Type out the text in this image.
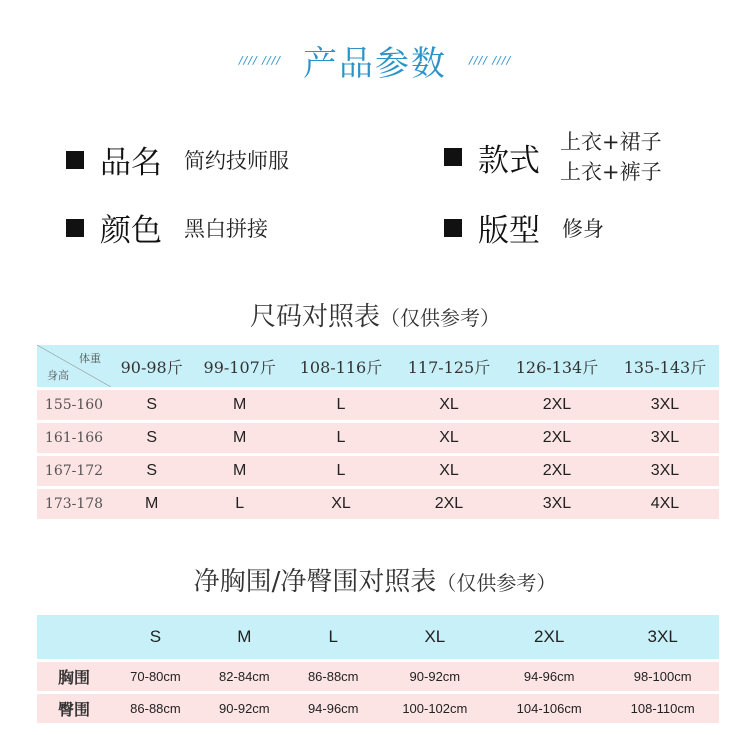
//// //// 产品参数 //// ////
品名 简约技师服	款式
上衣+裙子
上衣+裤子
颜色 黑白拼接	版型 修身
尺码对照表（仅供参考）
体重
身高	90-98斤	99-107斤	108-116斤	117-125斤	126-134斤	135-143斤
155-160	S	M	L	XL	2XL	3XL
161-166	S	M	L	XL	2XL	3XL
167-172	S	M	L	XL	2XL	3XL
173-178	M	L	XL	2XL	3XL	4XL
净胸围/净臀围对照表（仅供参考）
	S	M	L	XL	2XL	3XL
胸围	70-80cm	82-84cm	86-88cm	90-92cm	94-96cm	98-100cm
臀围	86-88cm	90-92cm	94-96cm	100-102cm	104-106cm	108-110cm
